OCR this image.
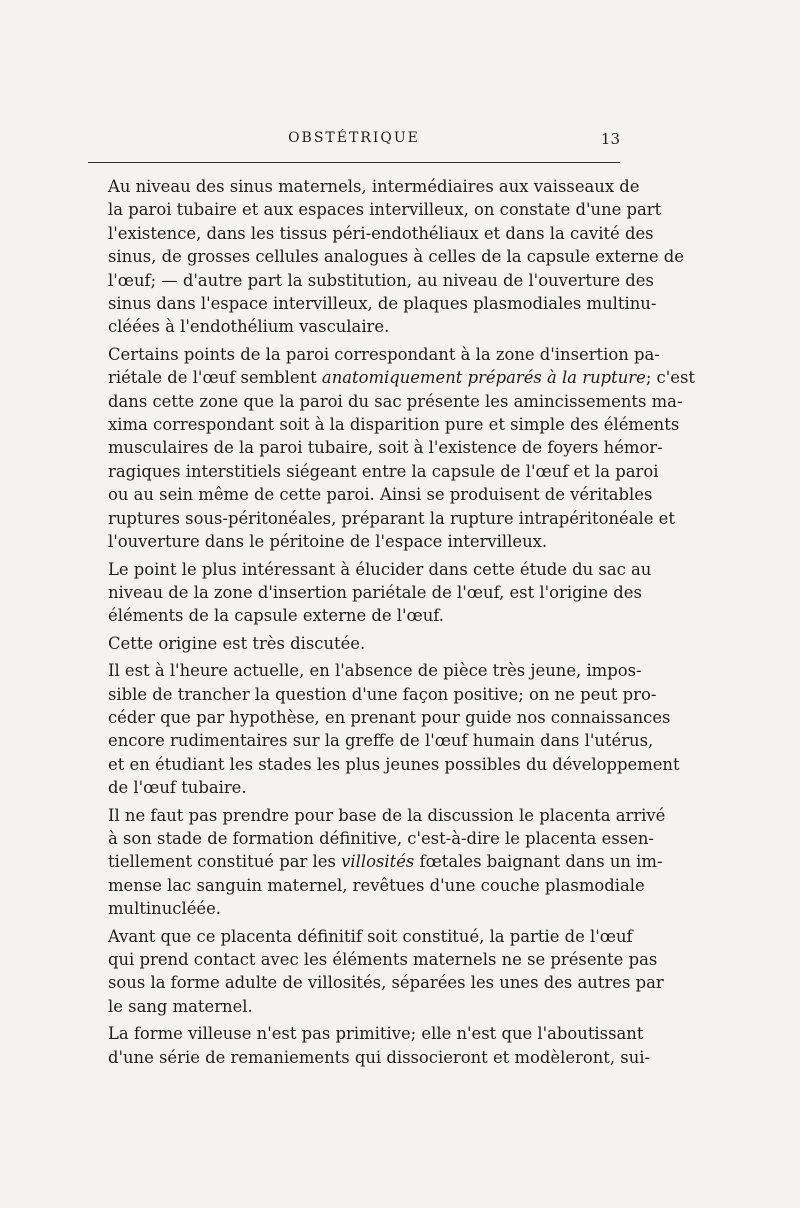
OBSTÉTRIQUE	13

Au niveau des sinus maternels, intermédiaires aux vaisseaux de
la paroi tubaire et aux espaces intervilleux, on constate d'une part
l'existence, dans les tissus péri-endothéliaux et dans la cavité des
sinus, de grosses cellules analogues à celles de la capsule externe de
l'œuf; — d'autre part la substitution, au niveau de l'ouverture des
sinus dans l'espace intervilleux, de plaques plasmodiales multinu-
cléées à l'endothélium vasculaire.

Certains points de la paroi correspondant à la zone d'insertion pa-
riétale de l'œuf semblent anatomiquement préparés à la rupture; c'est
dans cette zone que la paroi du sac présente les amincissements ma-
xima correspondant soit à la disparition pure et simple des éléments
musculaires de la paroi tubaire, soit à l'existence de foyers hémor-
ragiques interstitiels siégeant entre la capsule de l'œuf et la paroi
ou au sein même de cette paroi. Ainsi se produisent de véritables
ruptures sous-péritonéales, préparant la rupture intrapéritonéale et
l'ouverture dans le péritoine de l'espace intervilleux.

Le point le plus intéressant à élucider dans cette étude du sac au
niveau de la zone d'insertion pariétale de l'œuf, est l'origine des
éléments de la capsule externe de l'œuf.

Cette origine est très discutée.

Il est à l'heure actuelle, en l'absence de pièce très jeune, impos-
sible de trancher la question d'une façon positive; on ne peut pro-
céder que par hypothèse, en prenant pour guide nos connaissances
encore rudimentaires sur la greffe de l'œuf humain dans l'utérus,
et en étudiant les stades les plus jeunes possibles du développement
de l'œuf tubaire.

Il ne faut pas prendre pour base de la discussion le placenta arrivé
à son stade de formation définitive, c'est-à-dire le placenta essen-
tiellement constitué par les villosités fœtales baignant dans un im-
mense lac sanguin maternel, revêtues d'une couche plasmodiale
multinucléée.

Avant que ce placenta définitif soit constitué, la partie de l'œuf
qui prend contact avec les éléments maternels ne se présente pas
sous la forme adulte de villosités, séparées les unes des autres par
le sang maternel.

La forme villeuse n'est pas primitive; elle n'est que l'aboutissant
d'une série de remaniements qui dissocieront et modèleront, sui-
